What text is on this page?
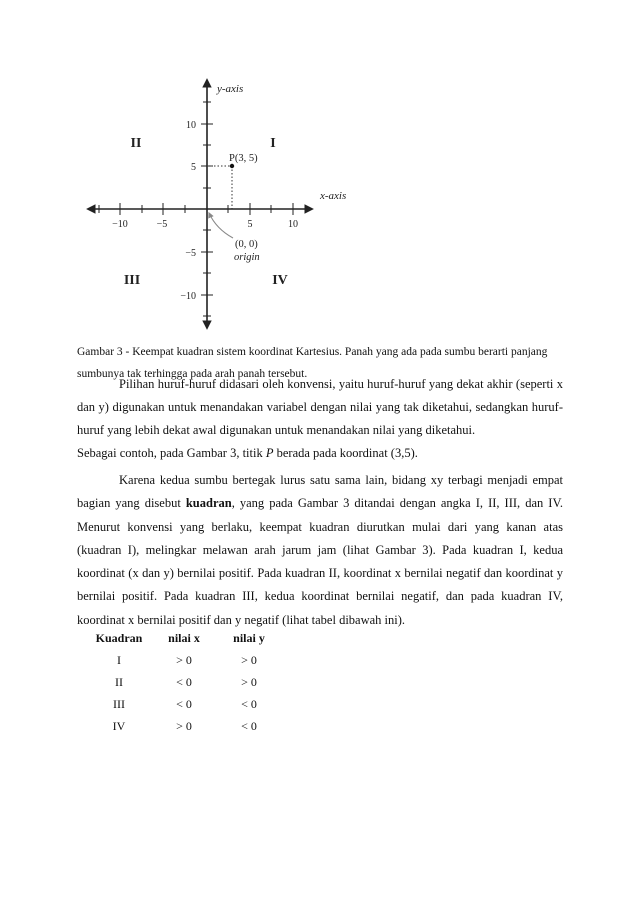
−10	−5	5	10
10
5
−5
−10
y-axis
x-axis
II	I
III	IV
P(3, 5)
(0, 0)
origin

Gambar 3 - Keempat kuadran sistem koordinat Kartesius. Panah yang ada pada sumbu berarti panjang
sumbunya tak terhingga pada arah panah tersebut.

Pilihan huruf-huruf didasari oleh konvensi, yaitu huruf-huruf yang dekat akhir (seperti x dan y) digunakan untuk menandakan variabel dengan nilai yang tak diketahui, sedangkan huruf-huruf yang lebih dekat awal digunakan untuk menandakan nilai yang diketahui.

Sebagai contoh, pada Gambar 3, titik P berada pada koordinat (3,5).

Karena kedua sumbu bertegak lurus satu sama lain, bidang xy terbagi menjadi empat bagian yang disebut kuadran, yang pada Gambar 3 ditandai dengan angka I, II, III, dan IV. Menurut konvensi yang berlaku, keempat kuadran diurutkan mulai dari yang kanan atas (kuadran I), melingkar melawan arah jarum jam (lihat Gambar 3). Pada kuadran I, kedua koordinat (x dan y) bernilai positif. Pada kuadran II, koordinat x bernilai negatif dan koordinat y bernilai positif. Pada kuadran III, kedua koordinat bernilai negatif, dan pada kuadran IV, koordinat x bernilai positif dan y negatif (lihat tabel dibawah ini).

Kuadran	nilai x	nilai y
I	> 0	> 0
II	< 0	> 0
III	< 0	< 0
IV	> 0	< 0
